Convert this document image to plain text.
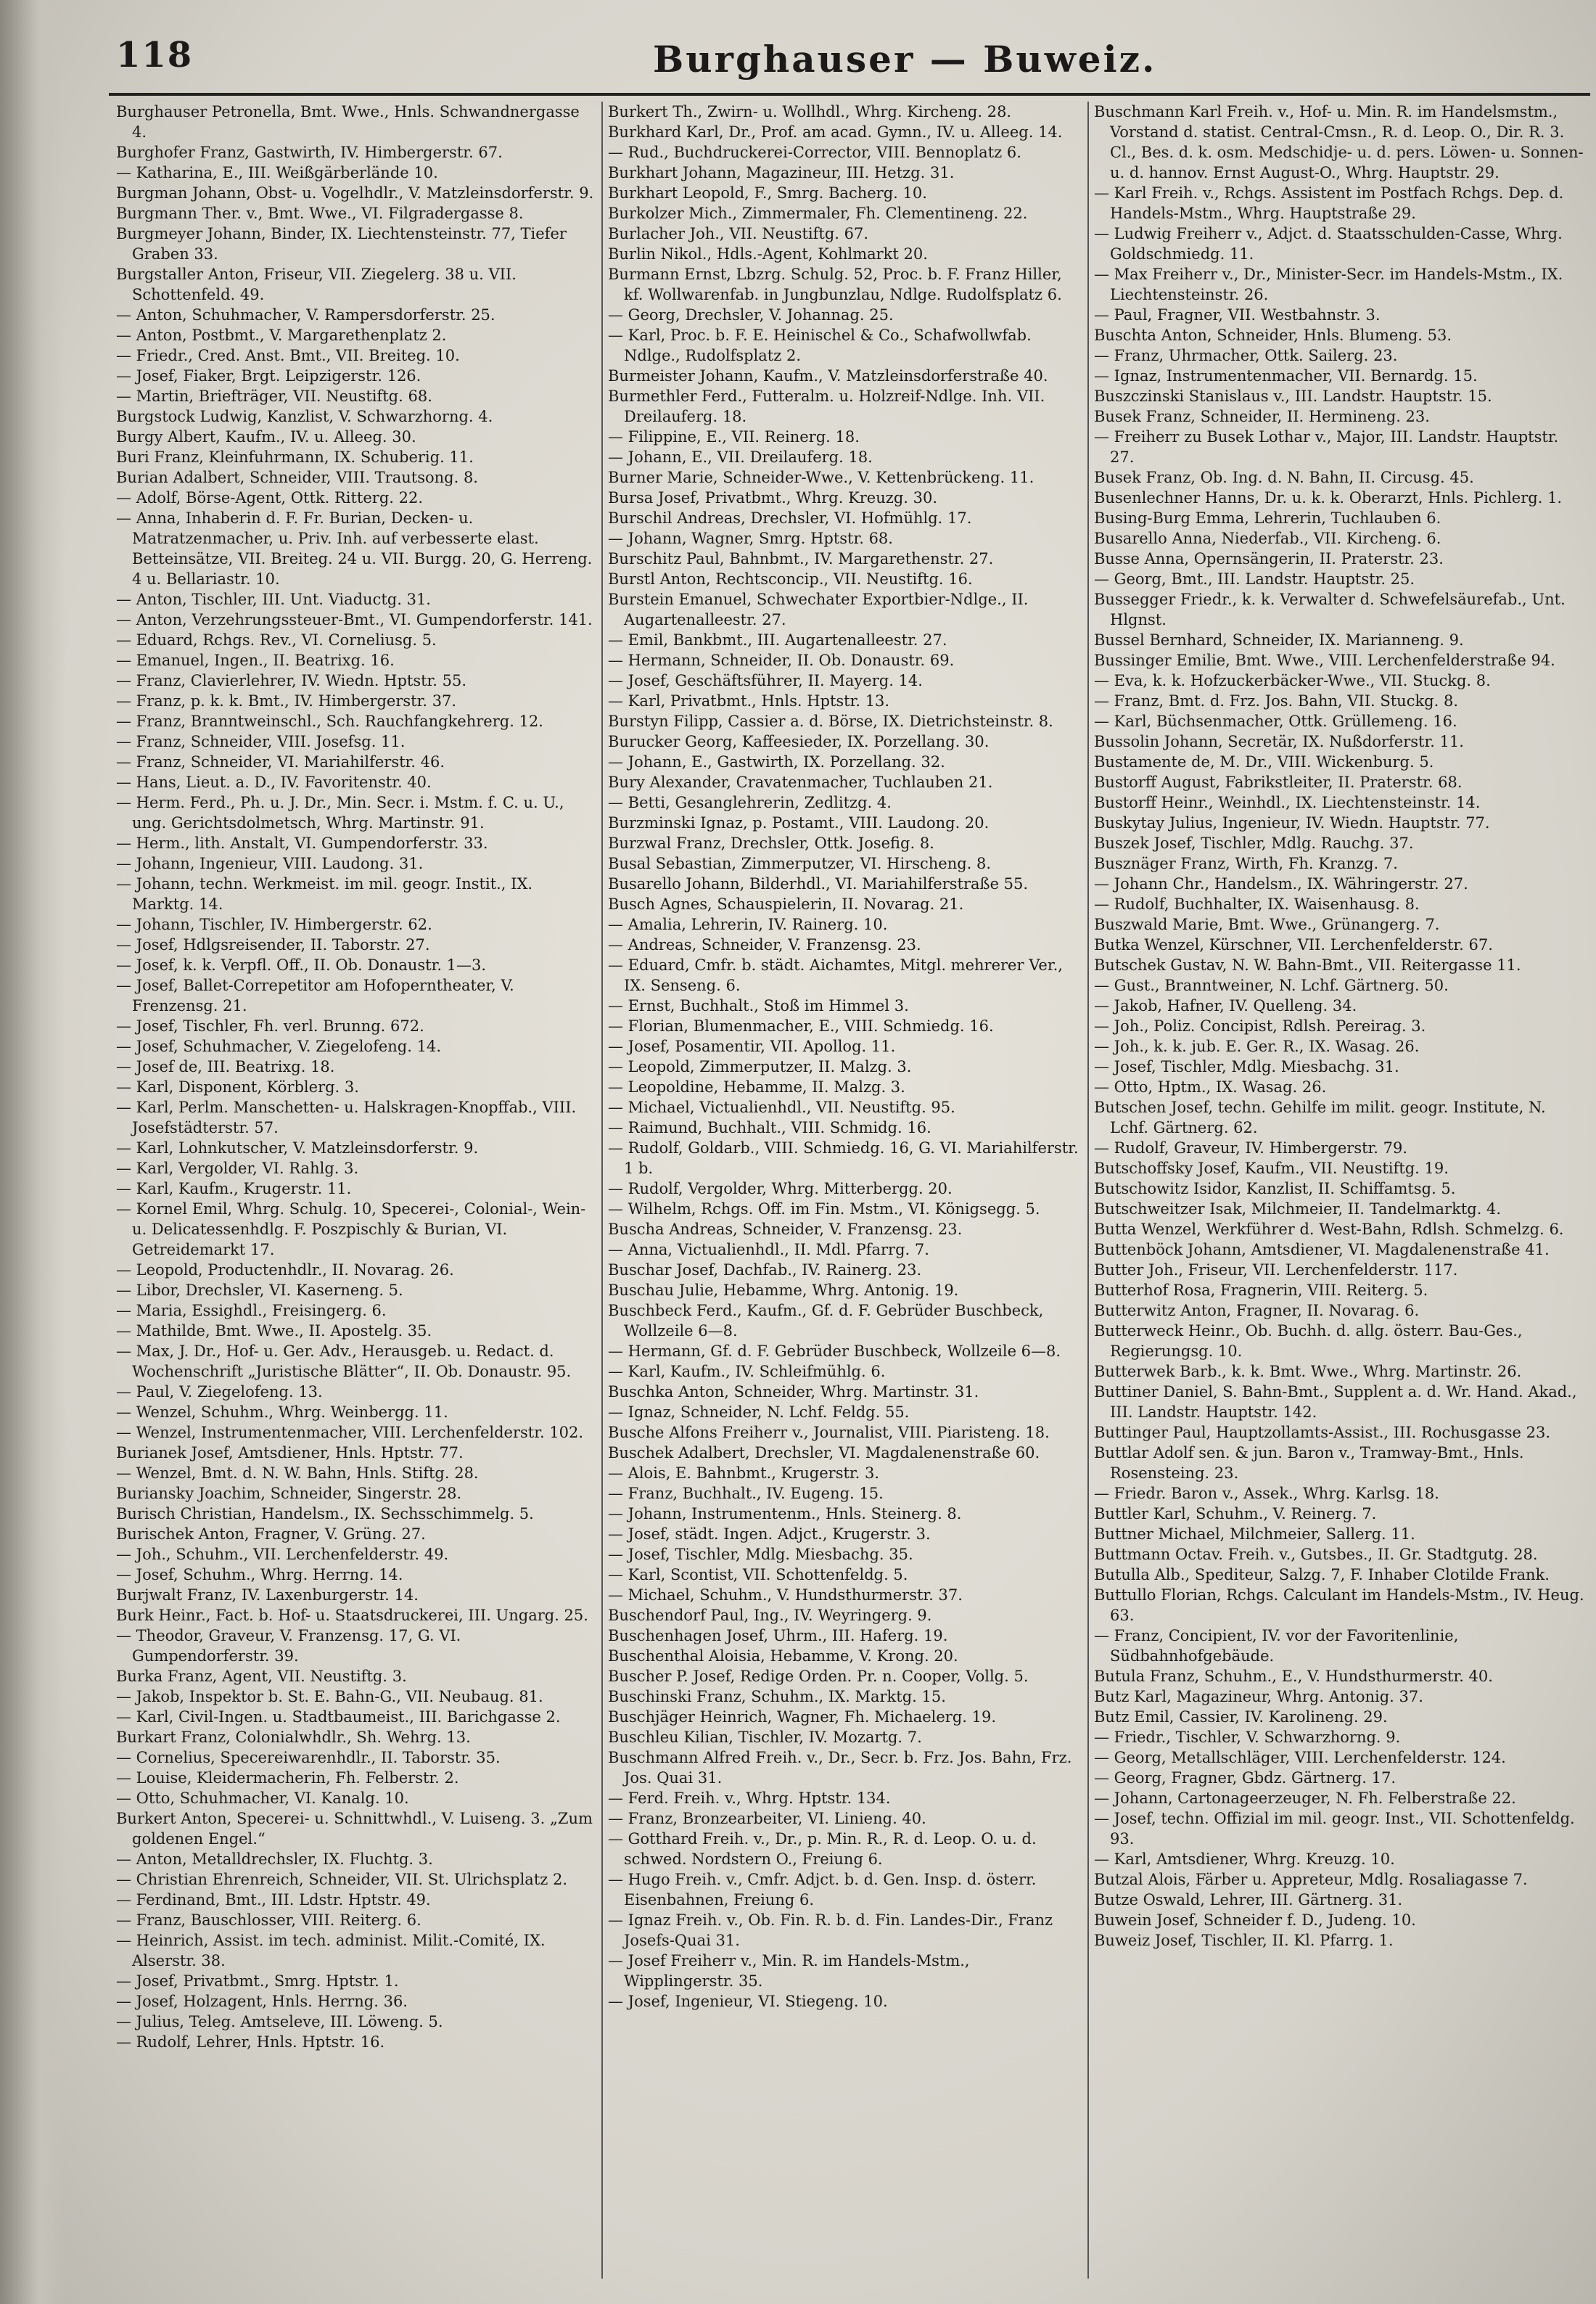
118	Burghauser — Buweiz.

Burghauser Petronella, Bmt. Wwe., Hnls. Schwandnergasse 4.

Burghofer Franz, Gastwirth, IV. Himbergerstr. 67.

— Katharina, E., III. Weißgärberlände 10.

Burgman Johann, Obst- u. Vogelhdlr., V. Matzleinsdorferstr. 9.

Burgmann Ther. v., Bmt. Wwe., VI. Filgradergasse 8.

Burgmeyer Johann, Binder, IX. Liechtensteinstr. 77, Tiefer Graben 33.

Burgstaller Anton, Friseur, VII. Ziegelerg. 38 u. VII. Schottenfeld. 49.

— Anton, Schuhmacher, V. Rampersdorferstr. 25.

— Anton, Postbmt., V. Margarethenplatz 2.

— Friedr., Cred. Anst. Bmt., VII. Breiteg. 10.

— Josef, Fiaker, Brgt. Leipzigerstr. 126.

— Martin, Briefträger, VII. Neustiftg. 68.

Burgstock Ludwig, Kanzlist, V. Schwarzhorng. 4.

Burgy Albert, Kaufm., IV. u. Alleeg. 30.

Buri Franz, Kleinfuhrmann, IX. Schuberig. 11.

Burian Adalbert, Schneider, VIII. Trautsong. 8.

— Adolf, Börse-Agent, Ottk. Ritterg. 22.

— Anna, Inhaberin d. F. Fr. Burian, Decken- u. Matratzenmacher, u. Priv. Inh. auf verbesserte elast. Betteinsätze, VII. Breiteg. 24 u. VII. Burgg. 20, G. Herreng. 4 u. Bellariastr. 10.

— Anton, Tischler, III. Unt. Viaductg. 31.

— Anton, Verzehrungssteuer-Bmt., VI. Gumpendorferstr. 141.

— Eduard, Rchgs. Rev., VI. Corneliusg. 5.

— Emanuel, Ingen., II. Beatrixg. 16.

— Franz, Clavierlehrer, IV. Wiedn. Hptstr. 55.

— Franz, p. k. k. Bmt., IV. Himbergerstr. 37.

— Franz, Branntweinschl., Sch. Rauchfangkehrerg. 12.

— Franz, Schneider, VIII. Josefsg. 11.

— Franz, Schneider, VI. Mariahilferstr. 46.

— Hans, Lieut. a. D., IV. Favoritenstr. 40.

— Herm. Ferd., Ph. u. J. Dr., Min. Secr. i. Mstm. f. C. u. U., ung. Gerichtsdolmetsch, Whrg. Martinstr. 91.

— Herm., lith. Anstalt, VI. Gumpendorferstr. 33.

— Johann, Ingenieur, VIII. Laudong. 31.

— Johann, techn. Werkmeist. im mil. geogr. Instit., IX. Marktg. 14.

— Johann, Tischler, IV. Himbergerstr. 62.

— Josef, Hdlgsreisender, II. Taborstr. 27.

— Josef, k. k. Verpfl. Off., II. Ob. Donaustr. 1—3.

— Josef, Ballet-Correpetitor am Hofoperntheater, V. Frenzensg. 21.

— Josef, Tischler, Fh. verl. Brunng. 672.

— Josef, Schuhmacher, V. Ziegelofeng. 14.

— Josef de, III. Beatrixg. 18.

— Karl, Disponent, Körblerg. 3.

— Karl, Perlm. Manschetten- u. Halskragen-Knopffab., VIII. Josefstädterstr. 57.

— Karl, Lohnkutscher, V. Matzleinsdorferstr. 9.

— Karl, Vergolder, VI. Rahlg. 3.

— Karl, Kaufm., Krugerstr. 11.

— Kornel Emil, Whrg. Schulg. 10, Specerei-, Colonial-, Wein- u. Delicatessenhdlg. F. Poszpischly & Burian, VI. Getreidemarkt 17.

— Leopold, Productenhdlr., II. Novarag. 26.

— Libor, Drechsler, VI. Kaserneng. 5.

— Maria, Essighdl., Freisingerg. 6.

— Mathilde, Bmt. Wwe., II. Apostelg. 35.

— Max, J. Dr., Hof- u. Ger. Adv., Herausgeb. u. Redact. d. Wochenschrift „Juristische Blätter“, II. Ob. Donaustr. 95.

— Paul, V. Ziegelofeng. 13.

— Wenzel, Schuhm., Whrg. Weinbergg. 11.

— Wenzel, Instrumentenmacher, VIII. Lerchenfelderstr. 102.

Burianek Josef, Amtsdiener, Hnls. Hptstr. 77.

— Wenzel, Bmt. d. N. W. Bahn, Hnls. Stiftg. 28.

Buriansky Joachim, Schneider, Singerstr. 28.

Burisch Christian, Handelsm., IX. Sechsschimmelg. 5.

Burischek Anton, Fragner, V. Grüng. 27.

— Joh., Schuhm., VII. Lerchenfelderstr. 49.

— Josef, Schuhm., Whrg. Herrng. 14.

Burjwalt Franz, IV. Laxenburgerstr. 14.

Burk Heinr., Fact. b. Hof- u. Staatsdruckerei, III. Ungarg. 25.

— Theodor, Graveur, V. Franzensg. 17, G. VI. Gumpendorferstr. 39.

Burka Franz, Agent, VII. Neustiftg. 3.

— Jakob, Inspektor b. St. E. Bahn-G., VII. Neubaug. 81.

— Karl, Civil-Ingen. u. Stadtbaumeist., III. Barichgasse 2.

Burkart Franz, Colonialwhdlr., Sh. Wehrg. 13.

— Cornelius, Specereiwarenhdlr., II. Taborstr. 35.

— Louise, Kleidermacherin, Fh. Felberstr. 2.

— Otto, Schuhmacher, VI. Kanalg. 10.

Burkert Anton, Specerei- u. Schnittwhdl., V. Luiseng. 3. „Zum goldenen Engel.“

— Anton, Metalldrechsler, IX. Fluchtg. 3.

— Christian Ehrenreich, Schneider, VII. St. Ulrichsplatz 2.

— Ferdinand, Bmt., III. Ldstr. Hptstr. 49.

— Franz, Bauschlosser, VIII. Reiterg. 6.

— Heinrich, Assist. im tech. administ. Milit.-Comité, IX. Alserstr. 38.

— Josef, Privatbmt., Smrg. Hptstr. 1.

— Josef, Holzagent, Hnls. Herrng. 36.

— Julius, Teleg. Amtseleve, III. Löweng. 5.

— Rudolf, Lehrer, Hnls. Hptstr. 16.

Burkert Th., Zwirn- u. Wollhdl., Whrg. Kircheng. 28.

Burkhard Karl, Dr., Prof. am acad. Gymn., IV. u. Alleeg. 14.

— Rud., Buchdruckerei-Corrector, VIII. Bennoplatz 6.

Burkhart Johann, Magazineur, III. Hetzg. 31.

Burkhart Leopold, F., Smrg. Bacherg. 10.

Burkolzer Mich., Zimmermaler, Fh. Clementineng. 22.

Burlacher Joh., VII. Neustiftg. 67.

Burlin Nikol., Hdls.-Agent, Kohlmarkt 20.

Burmann Ernst, Lbzrg. Schulg. 52, Proc. b. F. Franz Hiller, kf. Wollwarenfab. in Jungbunzlau, Ndlge. Rudolfsplatz 6.

— Georg, Drechsler, V. Johannag. 25.

— Karl, Proc. b. F. E. Heinischel & Co., Schafwollwfab. Ndlge., Rudolfsplatz 2.

Burmeister Johann, Kaufm., V. Matzleinsdorferstraße 40.

Burmethler Ferd., Futteralm. u. Holzreif-Ndlge. Inh. VII. Dreilauferg. 18.

— Filippine, E., VII. Reinerg. 18.

— Johann, E., VII. Dreilauferg. 18.

Burner Marie, Schneider-Wwe., V. Kettenbrückeng. 11.

Bursa Josef, Privatbmt., Whrg. Kreuzg. 30.

Burschil Andreas, Drechsler, VI. Hofmühlg. 17.

— Johann, Wagner, Smrg. Hptstr. 68.

Burschitz Paul, Bahnbmt., IV. Margarethenstr. 27.

Burstl Anton, Rechtsconcip., VII. Neustiftg. 16.

Burstein Emanuel, Schwechater Exportbier-Ndlge., II. Augartenalleestr. 27.

— Emil, Bankbmt., III. Augartenalleestr. 27.

— Hermann, Schneider, II. Ob. Donaustr. 69.

— Josef, Geschäftsführer, II. Mayerg. 14.

— Karl, Privatbmt., Hnls. Hptstr. 13.

Burstyn Filipp, Cassier a. d. Börse, IX. Dietrichsteinstr. 8.

Burucker Georg, Kaffeesieder, IX. Porzellang. 30.

— Johann, E., Gastwirth, IX. Porzellang. 32.

Bury Alexander, Cravatenmacher, Tuchlauben 21.

— Betti, Gesanglehrerin, Zedlitzg. 4.

Burzminski Ignaz, p. Postamt., VIII. Laudong. 20.

Burzwal Franz, Drechsler, Ottk. Josefig. 8.

Busal Sebastian, Zimmerputzer, VI. Hirscheng. 8.

Busarello Johann, Bilderhdl., VI. Mariahilferstraße 55.

Busch Agnes, Schauspielerin, II. Novarag. 21.

— Amalia, Lehrerin, IV. Rainerg. 10.

— Andreas, Schneider, V. Franzensg. 23.

— Eduard, Cmfr. b. städt. Aichamtes, Mitgl. mehrerer Ver., IX. Senseng. 6.

— Ernst, Buchhalt., Stoß im Himmel 3.

— Florian, Blumenmacher, E., VIII. Schmiedg. 16.

— Josef, Posamentir, VII. Apollog. 11.

— Leopold, Zimmerputzer, II. Malzg. 3.

— Leopoldine, Hebamme, II. Malzg. 3.

— Michael, Victualienhdl., VII. Neustiftg. 95.

— Raimund, Buchhalt., VIII. Schmidg. 16.

— Rudolf, Goldarb., VIII. Schmiedg. 16, G. VI. Mariahilferstr. 1 b.

— Rudolf, Vergolder, Whrg. Mitterbergg. 20.

— Wilhelm, Rchgs. Off. im Fin. Mstm., VI. Königsegg. 5.

Buscha Andreas, Schneider, V. Franzensg. 23.

— Anna, Victualienhdl., II. Mdl. Pfarrg. 7.

Buschar Josef, Dachfab., IV. Rainerg. 23.

Buschau Julie, Hebamme, Whrg. Antonig. 19.

Buschbeck Ferd., Kaufm., Gf. d. F. Gebrüder Buschbeck, Wollzeile 6—8.

— Hermann, Gf. d. F. Gebrüder Buschbeck, Wollzeile 6—8.

— Karl, Kaufm., IV. Schleifmühlg. 6.

Buschka Anton, Schneider, Whrg. Martinstr. 31.

— Ignaz, Schneider, N. Lchf. Feldg. 55.

Busche Alfons Freiherr v., Journalist, VIII. Piaristeng. 18.

Buschek Adalbert, Drechsler, VI. Magdalenenstraße 60.

— Alois, E. Bahnbmt., Krugerstr. 3.

— Franz, Buchhalt., IV. Eugeng. 15.

— Johann, Instrumentenm., Hnls. Steinerg. 8.

— Josef, städt. Ingen. Adjct., Krugerstr. 3.

— Josef, Tischler, Mdlg. Miesbachg. 35.

— Karl, Scontist, VII. Schottenfeldg. 5.

— Michael, Schuhm., V. Hundsthurmerstr. 37.

Buschendorf Paul, Ing., IV. Weyringerg. 9.

Buschenhagen Josef, Uhrm., III. Haferg. 19.

Buschenthal Aloisia, Hebamme, V. Krong. 20.

Buscher P. Josef, Redige Orden. Pr. n. Cooper, Vollg. 5.

Buschinski Franz, Schuhm., IX. Marktg. 15.

Buschjäger Heinrich, Wagner, Fh. Michaelerg. 19.

Buschleu Kilian, Tischler, IV. Mozartg. 7.

Buschmann Alfred Freih. v., Dr., Secr. b. Frz. Jos. Bahn, Frz. Jos. Quai 31.

— Ferd. Freih. v., Whrg. Hptstr. 134.

— Franz, Bronzearbeiter, VI. Linieng. 40.

— Gotthard Freih. v., Dr., p. Min. R., R. d. Leop. O. u. d. schwed. Nordstern O., Freiung 6.

— Hugo Freih. v., Cmfr. Adjct. b. d. Gen. Insp. d. österr. Eisenbahnen, Freiung 6.

— Ignaz Freih. v., Ob. Fin. R. b. d. Fin. Landes-Dir., Franz Josefs-Quai 31.

— Josef Freiherr v., Min. R. im Handels-Mstm., Wipplingerstr. 35.

— Josef, Ingenieur, VI. Stiegeng. 10.

Buschmann Karl Freih. v., Hof- u. Min. R. im Handelsmstm., Vorstand d. statist. Central-Cmsn., R. d. Leop. O., Dir. R. 3. Cl., Bes. d. k. osm. Medschidje- u. d. pers. Löwen- u. Sonnen- u. d. hannov. Ernst August-O., Whrg. Hauptstr. 29.

— Karl Freih. v., Rchgs. Assistent im Postfach Rchgs. Dep. d. Handels-Mstm., Whrg. Hauptstraße 29.

— Ludwig Freiherr v., Adjct. d. Staatsschulden-Casse, Whrg. Goldschmiedg. 11.

— Max Freiherr v., Dr., Minister-Secr. im Handels-Mstm., IX. Liechtensteinstr. 26.

— Paul, Fragner, VII. Westbahnstr. 3.

Buschta Anton, Schneider, Hnls. Blumeng. 53.

— Franz, Uhrmacher, Ottk. Sailerg. 23.

— Ignaz, Instrumentenmacher, VII. Bernardg. 15.

Buszczinski Stanislaus v., III. Landstr. Hauptstr. 15.

Busek Franz, Schneider, II. Hermineng. 23.

— Freiherr zu Busek Lothar v., Major, III. Landstr. Hauptstr. 27.

Busek Franz, Ob. Ing. d. N. Bahn, II. Circusg. 45.

Busenlechner Hanns, Dr. u. k. k. Oberarzt, Hnls. Pichlerg. 1.

Busing-Burg Emma, Lehrerin, Tuchlauben 6.

Busarello Anna, Niederfab., VII. Kircheng. 6.

Busse Anna, Opernsängerin, II. Praterstr. 23.

— Georg, Bmt., III. Landstr. Hauptstr. 25.

Bussegger Friedr., k. k. Verwalter d. Schwefelsäurefab., Unt. Hlgnst.

Bussel Bernhard, Schneider, IX. Marianneng. 9.

Bussinger Emilie, Bmt. Wwe., VIII. Lerchenfelderstraße 94.

— Eva, k. k. Hofzuckerbäcker-Wwe., VII. Stuckg. 8.

— Franz, Bmt. d. Frz. Jos. Bahn, VII. Stuckg. 8.

— Karl, Büchsenmacher, Ottk. Grüllemeng. 16.

Bussolin Johann, Secretär, IX. Nußdorferstr. 11.

Bustamente de, M. Dr., VIII. Wickenburg. 5.

Bustorff August, Fabrikstleiter, II. Praterstr. 68.

Bustorff Heinr., Weinhdl., IX. Liechtensteinstr. 14.

Buskytay Julius, Ingenieur, IV. Wiedn. Hauptstr. 77.

Buszek Josef, Tischler, Mdlg. Rauchg. 37.

Busznäger Franz, Wirth, Fh. Kranzg. 7.

— Johann Chr., Handelsm., IX. Währingerstr. 27.

— Rudolf, Buchhalter, IX. Waisenhausg. 8.

Buszwald Marie, Bmt. Wwe., Grünangerg. 7.

Butka Wenzel, Kürschner, VII. Lerchenfelderstr. 67.

Butschek Gustav, N. W. Bahn-Bmt., VII. Reitergasse 11.

— Gust., Branntweiner, N. Lchf. Gärtnerg. 50.

— Jakob, Hafner, IV. Quelleng. 34.

— Joh., Poliz. Concipist, Rdlsh. Pereirag. 3.

— Joh., k. k. jub. E. Ger. R., IX. Wasag. 26.

— Josef, Tischler, Mdlg. Miesbachg. 31.

— Otto, Hptm., IX. Wasag. 26.

Butschen Josef, techn. Gehilfe im milit. geogr. Institute, N. Lchf. Gärtnerg. 62.

— Rudolf, Graveur, IV. Himbergerstr. 79.

Butschoffsky Josef, Kaufm., VII. Neustiftg. 19.

Butschowitz Isidor, Kanzlist, II. Schiffamtsg. 5.

Butschweitzer Isak, Milchmeier, II. Tandelmarktg. 4.

Butta Wenzel, Werkführer d. West-Bahn, Rdlsh. Schmelzg. 6.

Buttenböck Johann, Amtsdiener, VI. Magdalenenstraße 41.

Butter Joh., Friseur, VII. Lerchenfelderstr. 117.

Butterhof Rosa, Fragnerin, VIII. Reiterg. 5.

Butterwitz Anton, Fragner, II. Novarag. 6.

Butterweck Heinr., Ob. Buchh. d. allg. österr. Bau-Ges., Regierungsg. 10.

Butterwek Barb., k. k. Bmt. Wwe., Whrg. Martinstr. 26.

Buttiner Daniel, S. Bahn-Bmt., Supplent a. d. Wr. Hand. Akad., III. Landstr. Hauptstr. 142.

Buttinger Paul, Hauptzollamts-Assist., III. Rochusgasse 23.

Buttlar Adolf sen. & jun. Baron v., Tramway-Bmt., Hnls. Rosensteing. 23.

— Friedr. Baron v., Assek., Whrg. Karlsg. 18.

Buttler Karl, Schuhm., V. Reinerg. 7.

Buttner Michael, Milchmeier, Sallerg. 11.

Buttmann Octav. Freih. v., Gutsbes., II. Gr. Stadtgutg. 28.

Butulla Alb., Spediteur, Salzg. 7, F. Inhaber Clotilde Frank.

Buttullo Florian, Rchgs. Calculant im Handels-Mstm., IV. Heug. 63.

— Franz, Concipient, IV. vor der Favoritenlinie, Südbahnhofgebäude.

Butula Franz, Schuhm., E., V. Hundsthurmerstr. 40.

Butz Karl, Magazineur, Whrg. Antonig. 37.

Butz Emil, Cassier, IV. Karolineng. 29.

— Friedr., Tischler, V. Schwarzhorng. 9.

— Georg, Metallschläger, VIII. Lerchenfelderstr. 124.

— Georg, Fragner, Gbdz. Gärtnerg. 17.

— Johann, Cartonageerzeuger, N. Fh. Felberstraße 22.

— Josef, techn. Offizial im mil. geogr. Inst., VII. Schottenfeldg. 93.

— Karl, Amtsdiener, Whrg. Kreuzg. 10.

Butzal Alois, Färber u. Appreteur, Mdlg. Rosaliagasse 7.

Butze Oswald, Lehrer, III. Gärtnerg. 31.

Buwein Josef, Schneider f. D., Judeng. 10.

Buweiz Josef, Tischler, II. Kl. Pfarrg. 1.
